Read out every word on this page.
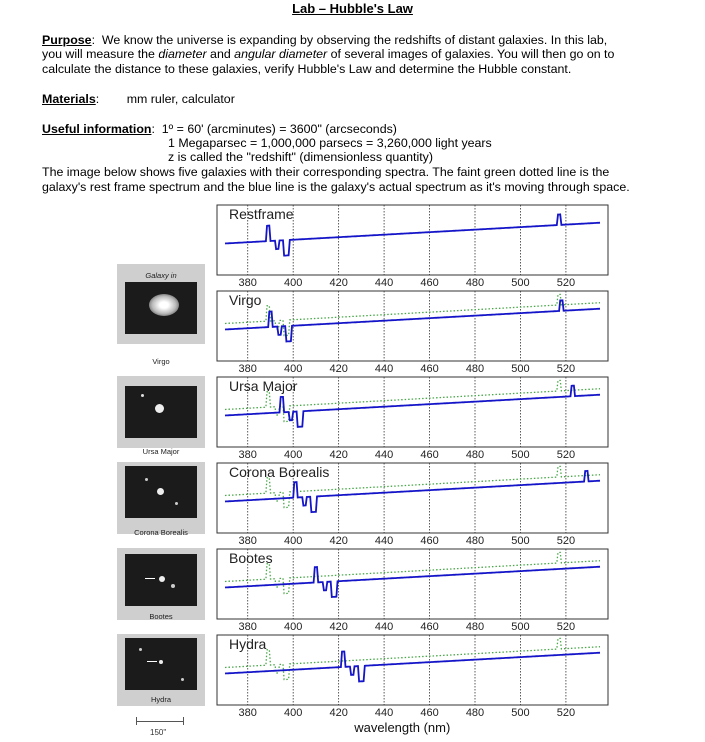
Lab – Hubble's Law
Purpose:  We know the universe is expanding by observing the redshifts of distant galaxies. In this lab,
you will measure the diameter and angular diameter of several images of galaxies. You will then go on to
calculate the distance to these galaxies, verify Hubble's Law and determine the Hubble constant.
Materials:        mm ruler, calculator
Useful information:  1º = 60' (arcminutes) = 3600" (arcseconds)
1 Megaparsec = 1,000,000 parsecs = 3,260,000 light years
z is called the "redshift" (dimensionless quantity)
The image below shows five galaxies with their corresponding spectra. The faint green dotted line is the
galaxy's rest frame spectrum and the blue line is the galaxy's actual spectrum as it's moving through space.
Galaxy in
Virgo
Ursa Major
Corona Borealis
Bootes
Hydra
150"
Restframe
380 400 420 440 460 480 500 520
Virgo
380 400 420 440 460 480 500 520
Ursa Major
380 400 420 440 460 480 500 520
Corona Borealis
380 400 420 440 460 480 500 520
Bootes
380 400 420 440 460 480 500 520
Hydra
380 400 420 440 460 480 500 520
wavelength (nm)
